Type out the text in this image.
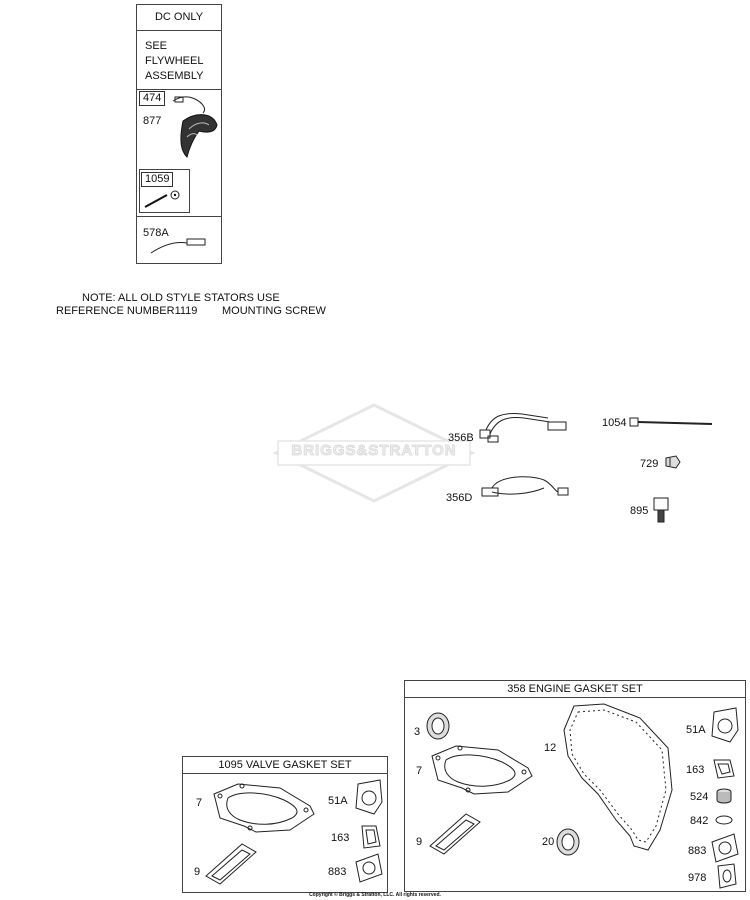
DC ONLY
SEE
FLYWHEEL
ASSEMBLY
474
877
1059
578A
NOTE: ALL OLD STYLE STATORS USE
REFERENCE NUMBER1119 MOUNTING SCREW
BRIGGS&STRATTON
356B
356D
1054
729
895
1095 VALVE GASKET SET
7
9
51A
163
883
358 ENGINE GASKET SET
3
7
9
12
20
51A
163
524
842
883
978
Copyright © Briggs & Stratton, LLC. All rights reserved.
